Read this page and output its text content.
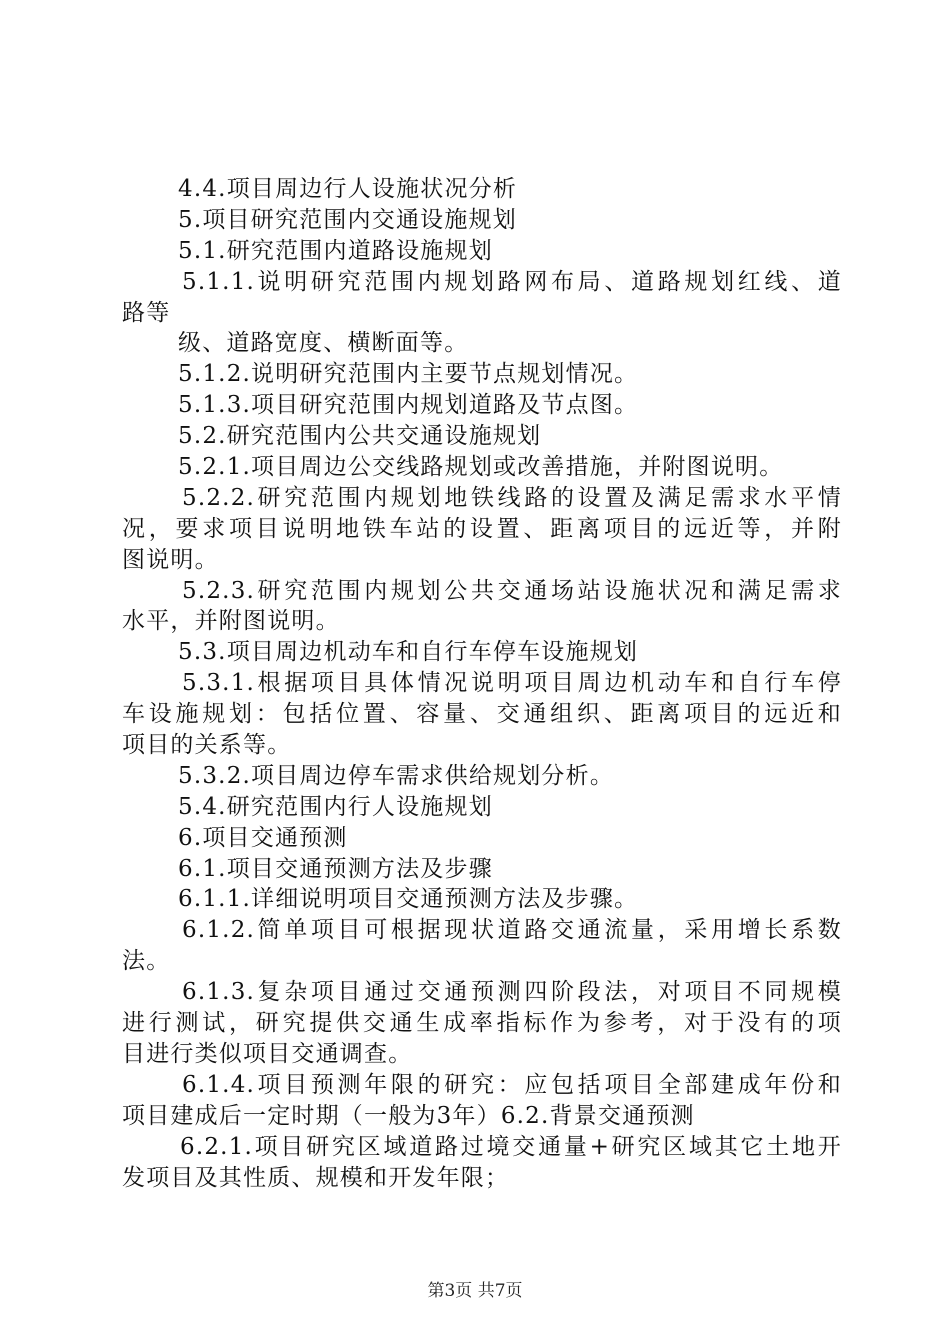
4.4.项目周边行人设施状况分析
5.项目研究范围内交通设施规划
5.1.研究范围内道路设施规划
5.1.1.说明研究范围内规划路网布局、道路规划红线、道
路等
级、道路宽度、横断面等。
5.1.2.说明研究范围内主要节点规划情况。
5.1.3.项目研究范围内规划道路及节点图。
5.2.研究范围内公共交通设施规划
5.2.1.项目周边公交线路规划或改善措施，并附图说明。
5.2.2.研究范围内规划地铁线路的设置及满足需求水平情
况，要求项目说明地铁车站的设置、距离项目的远近等，并附
图说明。
5.2.3.研究范围内规划公共交通场站设施状况和满足需求
水平，并附图说明。
5.3.项目周边机动车和自行车停车设施规划
5.3.1.根据项目具体情况说明项目周边机动车和自行车停
车设施规划：包括位置、容量、交通组织、距离项目的远近和
项目的关系等。
5.3.2.项目周边停车需求供给规划分析。
5.4.研究范围内行人设施规划
6.项目交通预测
6.1.项目交通预测方法及步骤
6.1.1.详细说明项目交通预测方法及步骤。
6.1.2.简单项目可根据现状道路交通流量，采用增长系数
法。
6.1.3.复杂项目通过交通预测四阶段法，对项目不同规模
进行测试，研究提供交通生成率指标作为参考，对于没有的项
目进行类似项目交通调查。
6.1.4.项目预测年限的研究：应包括项目全部建成年份和
项目建成后一定时期（一般为3年）6.2.背景交通预测
6.2.1.项目研究区域道路过境交通量+研究区域其它土地开
发项目及其性质、规模和开发年限；
第3页 共7页
